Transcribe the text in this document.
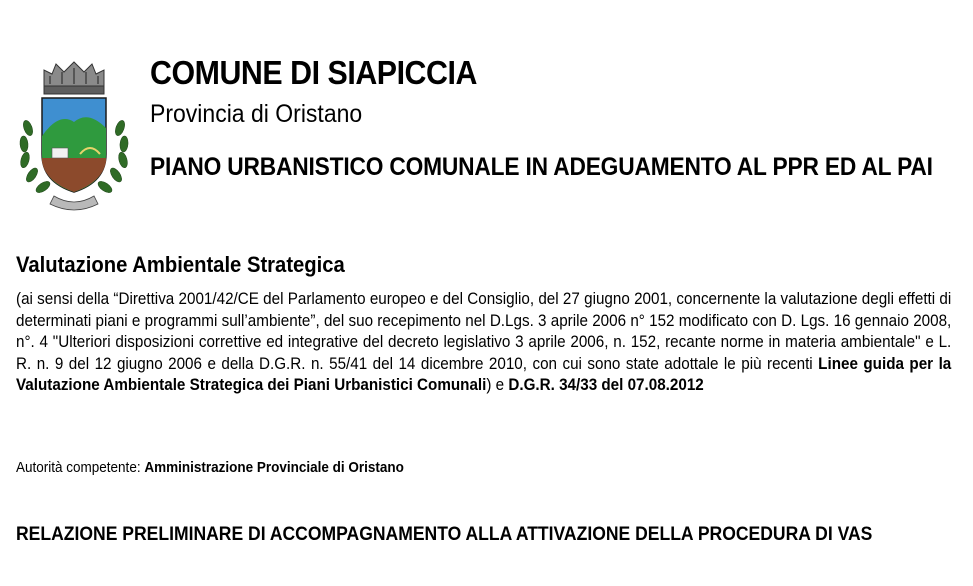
COMUNE DI SIAPICCIA
Provincia di Oristano
PIANO URBANISTICO COMUNALE IN ADEGUAMENTO AL PPR ED AL PAI
Valutazione Ambientale Strategica
(ai sensi della “Direttiva 2001/42/CE del Parlamento europeo e del Consiglio, del 27 giugno 2001, concernente la valutazione degli effetti di determinati piani e programmi sull’ambiente”, del suo recepimento nel D.Lgs. 3 aprile 2006 n° 152 modificato con D. Lgs. 16 gennaio 2008, n°. 4 "Ulteriori disposizioni correttive ed integrative del decreto legislativo 3 aprile 2006, n. 152, recante norme in materia ambientale" e L. R. n. 9 del 12 giugno 2006 e della D.G.R. n. 55/41 del 14 dicembre 2010, con cui sono state adottale le più recenti Linee guida per la Valutazione Ambientale Strategica dei Piani Urbanistici Comunali) e D.G.R. 34/33 del 07.08.2012
Autorità competente: Amministrazione Provinciale di Oristano
RELAZIONE PRELIMINARE DI ACCOMPAGNAMENTO ALLA ATTIVAZIONE DELLA PROCEDURA DI VAS
